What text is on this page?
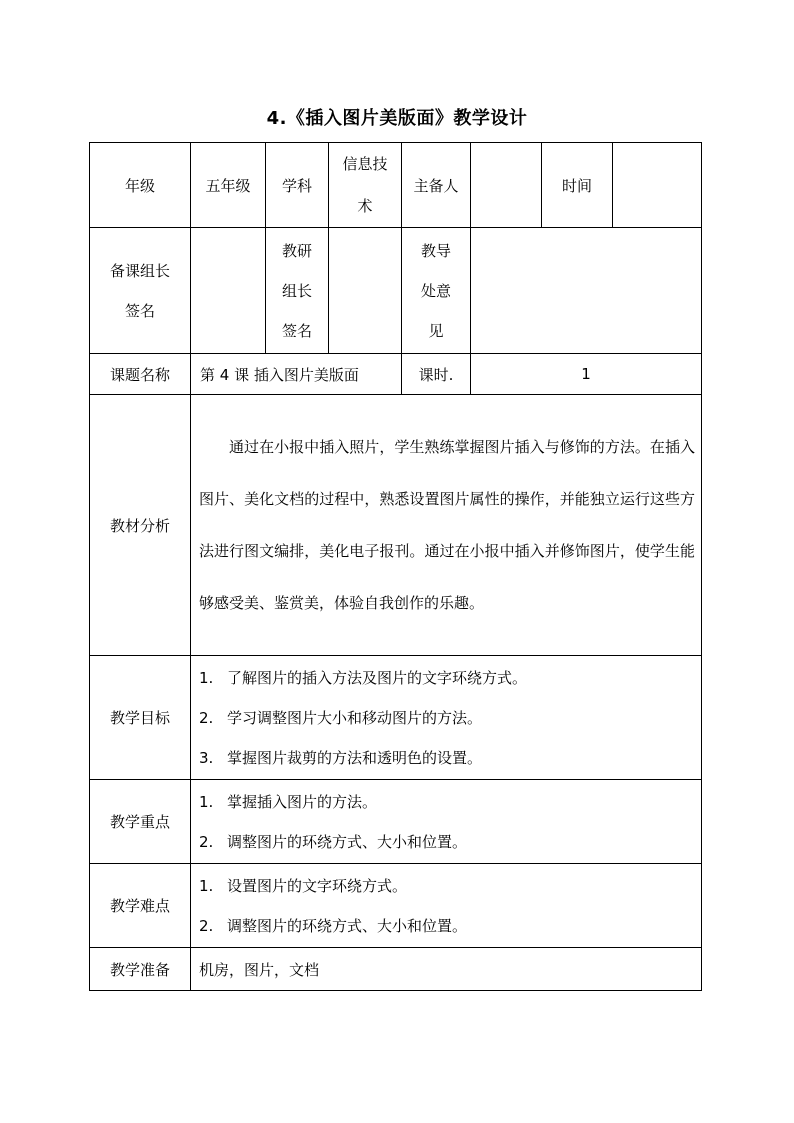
4.《插入图片美版面》教学设计
年级	五年级	学科	信息技术	主备人		时间	
备课组长签名		教研组长签名		教导处意见			
课题名称	第 4 课 插入图片美版面			课时.	1		
教材分析	通过在小报中插入照片，学生熟练掌握图片插入与修饰的方法。在插入图片、美化文档的过程中，熟悉设置图片属性的操作，并能独立运行这些方法进行图文编排，美化电子报刊。通过在小报中插入并修饰图片，使学生能够感受美、鉴赏美，体验自我创作的乐趣。						
教学目标	1. 了解图片的插入方法及图片的文字环绕方式。

2. 学习调整图片大小和移动图片的方法。

3. 掌握图片裁剪的方法和透明色的设置。						

教学重点	1. 掌握插入图片的方法。

2. 调整图片的环绕方式、大小和位置。						

教学难点	1. 设置图片的文字环绕方式。

2. 调整图片的环绕方式、大小和位置。						

教学准备	机房，图片，文档						
